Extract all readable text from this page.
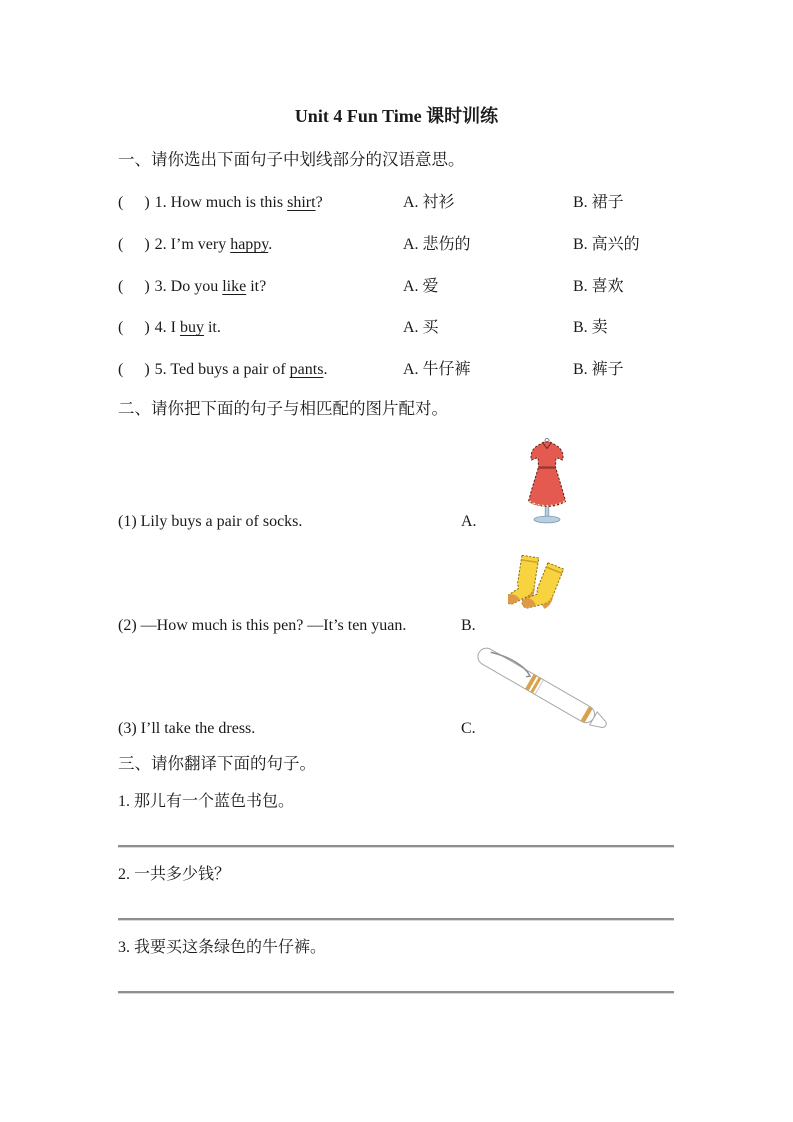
Unit 4 Fun Time 课时训练
一、请你选出下面句子中划线部分的汉语意思。
(    ) 1. How much is this shirt?	A. 衬衫	B. 裙子
(    ) 2. I’m very happy.	A. 悲伤的	B. 高兴的
(    ) 3. Do you like it?	A. 爱	B. 喜欢
(    ) 4. I buy it.	A. 买	B. 卖
(    ) 5. Ted buys a pair of pants.	A. 牛仔裤	B. 裤子
二、请你把下面的句子与相匹配的图片配对。
(1) Lily buys a pair of socks.	A.
(2) —How much is this pen? —It’s ten yuan.	B.
(3) I’ll take the dress.	C.
三、请你翻译下面的句子。
1. 那儿有一个蓝色书包。
2. 一共多少钱？
3. 我要买这条绿色的牛仔裤。
